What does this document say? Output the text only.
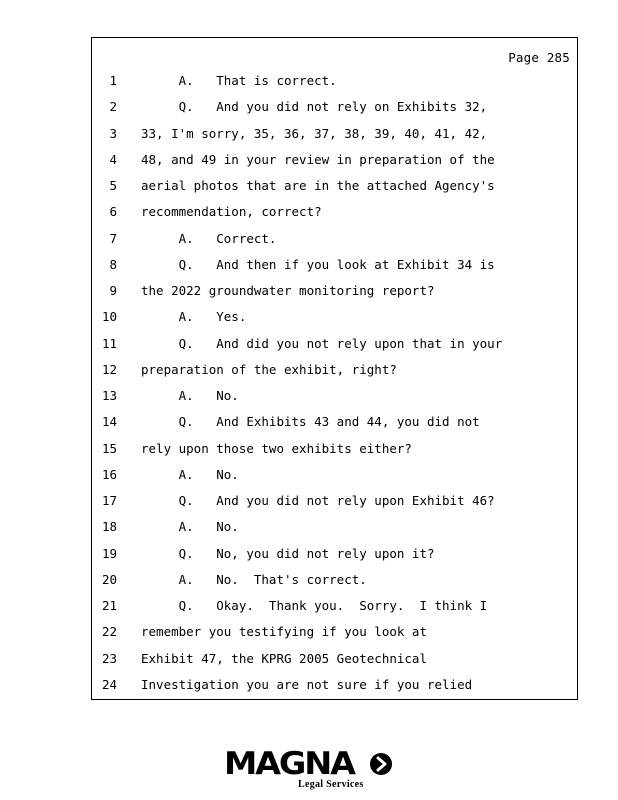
Page 285
1 A.   That is correct.
2 Q.   And you did not rely on Exhibits 32,
3 33, I'm sorry, 35, 36, 37, 38, 39, 40, 41, 42,
4 48, and 49 in your review in preparation of the
5 aerial photos that are in the attached Agency's
6 recommendation, correct?
7 A.   Correct.
8 Q.   And then if you look at Exhibit 34 is
9 the 2022 groundwater monitoring report?
10 A.   Yes.
11 Q.   And did you not rely upon that in your
12 preparation of the exhibit, right?
13 A.   No.
14 Q.   And Exhibits 43 and 44, you did not
15 rely upon those two exhibits either?
16 A.   No.
17 Q.   And you did not rely upon Exhibit 46?
18 A.   No.
19 Q.   No, you did not rely upon it?
20 A.   No.  That's correct.
21 Q.   Okay.  Thank you.  Sorry.  I think I
22 remember you testifying if you look at
23 Exhibit 47, the KPRG 2005 Geotechnical
24 Investigation you are not sure if you relied
MAGNA
Legal Services
